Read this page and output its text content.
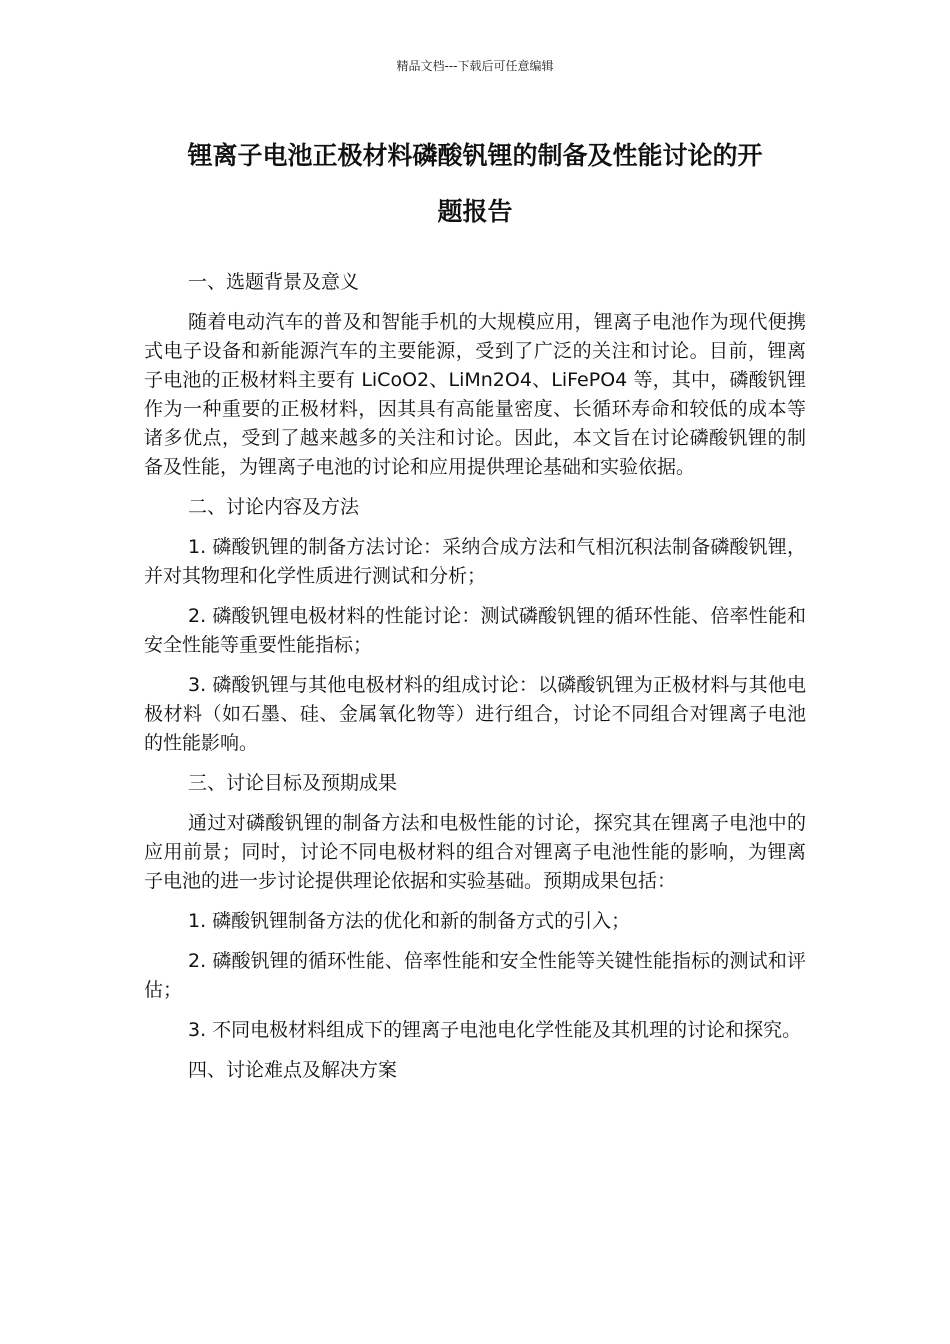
精品文档---下载后可任意编辑
锂离子电池正极材料磷酸钒锂的制备及性能讨论的开
题报告

一、选题背景及意义

随着电动汽车的普及和智能手机的大规模应用，锂离子电池作为现代便携式电子设备和新能源汽车的主要能源，受到了广泛的关注和讨论。目前，锂离子电池的正极材料主要有 LiCoO2、LiMn2O4、LiFePO4 等，其中，磷酸钒锂作为一种重要的正极材料，因其具有高能量密度、长循环寿命和较低的成本等诸多优点，受到了越来越多的关注和讨论。因此，本文旨在讨论磷酸钒锂的制备及性能，为锂离子电池的讨论和应用提供理论基础和实验依据。

二、讨论内容及方法

1. 磷酸钒锂的制备方法讨论：采纳合成方法和气相沉积法制备磷酸钒锂，并对其物理和化学性质进行测试和分析；

2. 磷酸钒锂电极材料的性能讨论：测试磷酸钒锂的循环性能、倍率性能和安全性能等重要性能指标；

3. 磷酸钒锂与其他电极材料的组成讨论：以磷酸钒锂为正极材料与其他电极材料（如石墨、硅、金属氧化物等）进行组合，讨论不同组合对锂离子电池的性能影响。

三、讨论目标及预期成果

通过对磷酸钒锂的制备方法和电极性能的讨论，探究其在锂离子电池中的应用前景；同时，讨论不同电极材料的组合对锂离子电池性能的影响，为锂离子电池的进一步讨论提供理论依据和实验基础。预期成果包括：

1. 磷酸钒锂制备方法的优化和新的制备方式的引入；

2. 磷酸钒锂的循环性能、倍率性能和安全性能等关键性能指标的测试和评估；

3. 不同电极材料组成下的锂离子电池电化学性能及其机理的讨论和探究。

四、讨论难点及解决方案
